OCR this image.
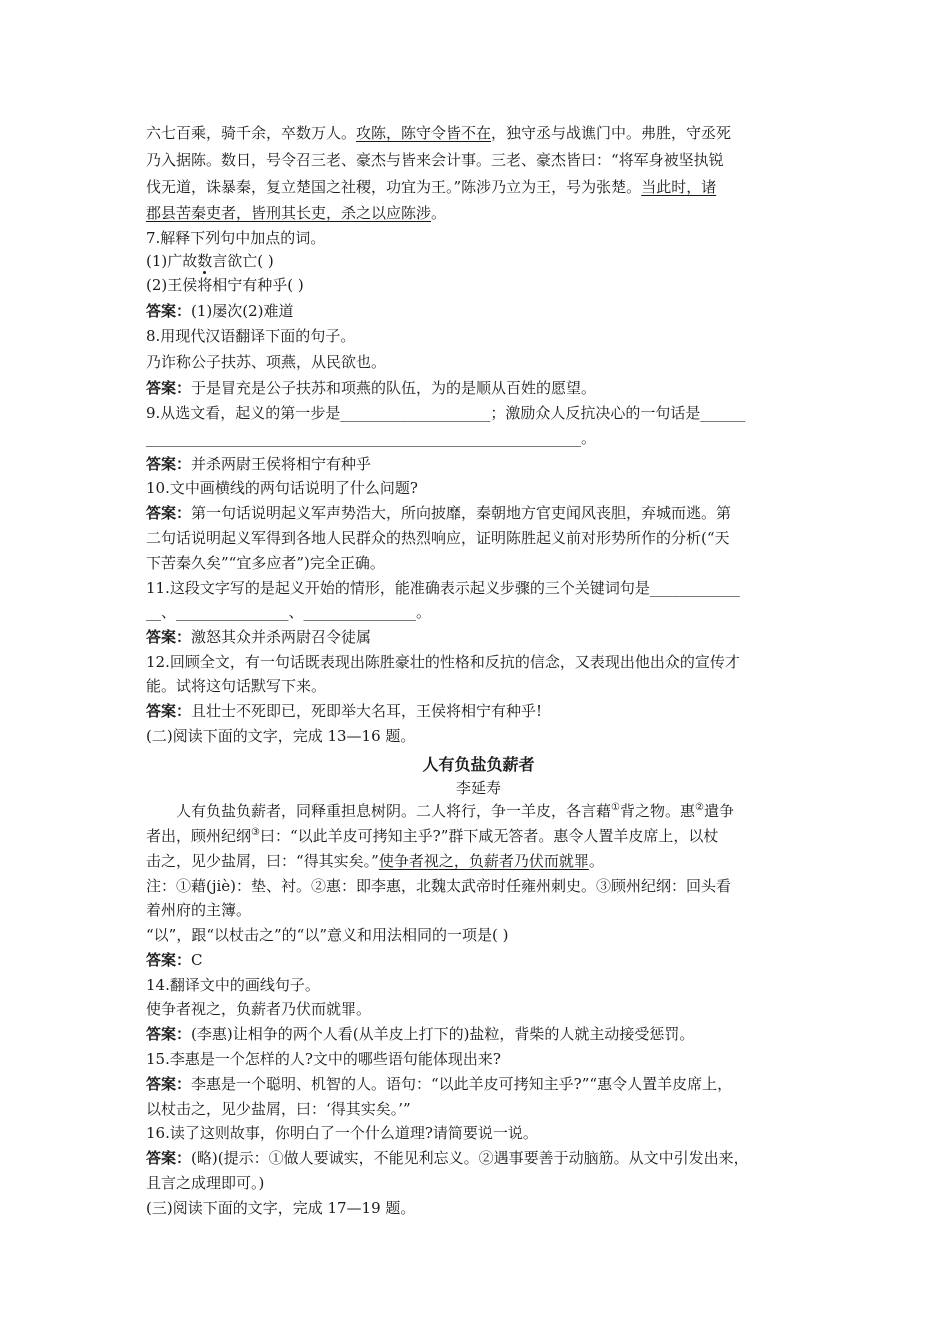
六七百乘，骑千余，卒数万人。攻陈，陈守令皆不在，独守丞与战谯门中。弗胜，守丞死
乃入据陈。数日，号令召三老、豪杰与皆来会计事。三老、豪杰皆曰：“将军身被坚执锐
伐无道，诛暴秦，复立楚国之社稷，功宜为王。”陈涉乃立为王，号为张楚。当此时，诸
郡县苦秦吏者，皆刑其长吏，杀之以应陈涉。
7.解释下列句中加点的词。
(1)广故数言欲亡( )
(2)王侯将相宁有种乎( )
答案：(1)屡次(2)难道
8.用现代汉语翻译下面的句子。
乃诈称公子扶苏、项燕，从民欲也。
答案：于是冒充是公子扶苏和项燕的队伍，为的是顺从百姓的愿望。
9.从选文看，起义的第一步是____________________；激励众人反抗决心的一句话是______
__________________________________________________________。
答案：并杀两尉王侯将相宁有种乎
10.文中画横线的两句话说明了什么问题?
答案：第一句话说明起义军声势浩大，所向披靡，秦朝地方官吏闻风丧胆，弃城而逃。第
二句话说明起义军得到各地人民群众的热烈响应，证明陈胜起义前对形势所作的分析(“天
下苦秦久矣”“宜多应者”)完全正确。
11.这段文字写的是起义开始的情形，能准确表示起义步骤的三个关键词句是____________
__、_______________、_______________。
答案：激怒其众并杀两尉召令徒属
12.回顾全文，有一句话既表现出陈胜豪壮的性格和反抗的信念，又表现出他出众的宣传才
能。试将这句话默写下来。
答案：且壮士不死即已，死即举大名耳，王侯将相宁有种乎!
(二)阅读下面的文字，完成 13—16 题。
人有负盐负薪者
李延寿
人有负盐负薪者，同释重担息树阴。二人将行，争一羊皮，各言藉①背之物。惠②遣争
者出，顾州纪纲③曰：“以此羊皮可拷知主乎?”群下咸无答者。惠令人置羊皮席上，以杖
击之，见少盐屑，曰：“得其实矣。”使争者视之，负薪者乃伏而就罪。
注：①藉(jiè)：垫、衬。②惠：即李惠，北魏太武帝时任雍州刺史。③顾州纪纲：回头看
着州府的主簿。
“以”，跟“以杖击之”的“以”意义和用法相同的一项是( )
答案：C
14.翻译文中的画线句子。
使争者视之，负薪者乃伏而就罪。
答案：(李惠)让相争的两个人看(从羊皮上打下的)盐粒，背柴的人就主动接受惩罚。
15.李惠是一个怎样的人?文中的哪些语句能体现出来?
答案：李惠是一个聪明、机智的人。语句：“以此羊皮可拷知主乎?”“惠令人置羊皮席上，
以杖击之，见少盐屑，曰：‘得其实矣。’”
16.读了这则故事，你明白了一个什么道理?请简要说一说。
答案：(略)(提示：①做人要诚实，不能见利忘义。②遇事要善于动脑筋。从文中引发出来，
且言之成理即可。)
(三)阅读下面的文字，完成 17—19 题。
